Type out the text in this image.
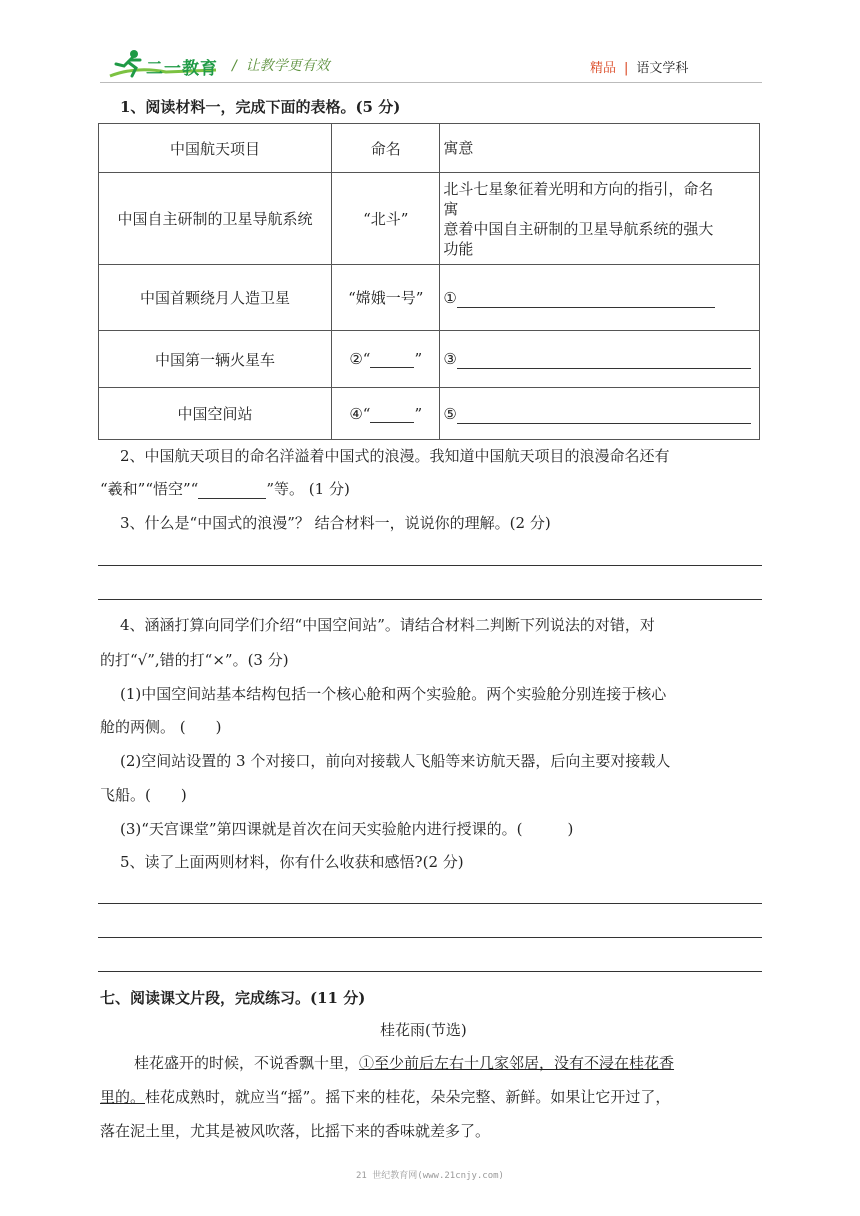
二一教育 / 让教学更有效	精品 | 语文学科
1、阅读材料一，完成下面的表格。(5 分)
中国航天项目	命名	寓意
中国自主研制的卫星导航系统	“北斗”	北斗七星象征着光明和方向的指引，命名
寓
意着中国自主研制的卫星导航系统的强大
功能

中国首颗绕月人造卫星	“嫦娥一号”	①
中国第一辆火星车	②“ ”	③
中国空间站	④“ ”	⑤
2、中国航天项目的命名洋溢着中国式的浪漫。我知道中国航天项目的浪漫命名还有
“羲和”“悟空”“	”等。 (1 分)
3、什么是“中国式的浪漫”？ 结合材料一，说说你的理解。(2 分)
4、涵涵打算向同学们介绍“中国空间站”。请结合材料二判断下列说法的对错，对
的打“√”,错的打“×”。(3 分)
(1)中国空间站基本结构包括一个核心舱和两个实验舱。两个实验舱分别连接于核心
舱的两侧。 (　　)
(2)空间站设置的 3 个对接口，前向对接载人飞船等来访航天器，后向主要对接载人
飞船。(　　)
(3)“天宫课堂”第四课就是首次在问天实验舱内进行授课的。(　　　)
5、读了上面两则材料，你有什么收获和感悟?(2 分)
七、阅读课文片段，完成练习。(11 分)
桂花雨(节选)
桂花盛开的时候，不说香飘十里，①至少前后左右十几家邻居，没有不浸在桂花香
里的。桂花成熟时，就应当“摇”。摇下来的桂花，朵朵完整、新鲜。如果让它开过了，
落在泥土里，尤其是被风吹落，比摇下来的香味就差多了。
21 世纪教育网(www.21cnjy.com)
